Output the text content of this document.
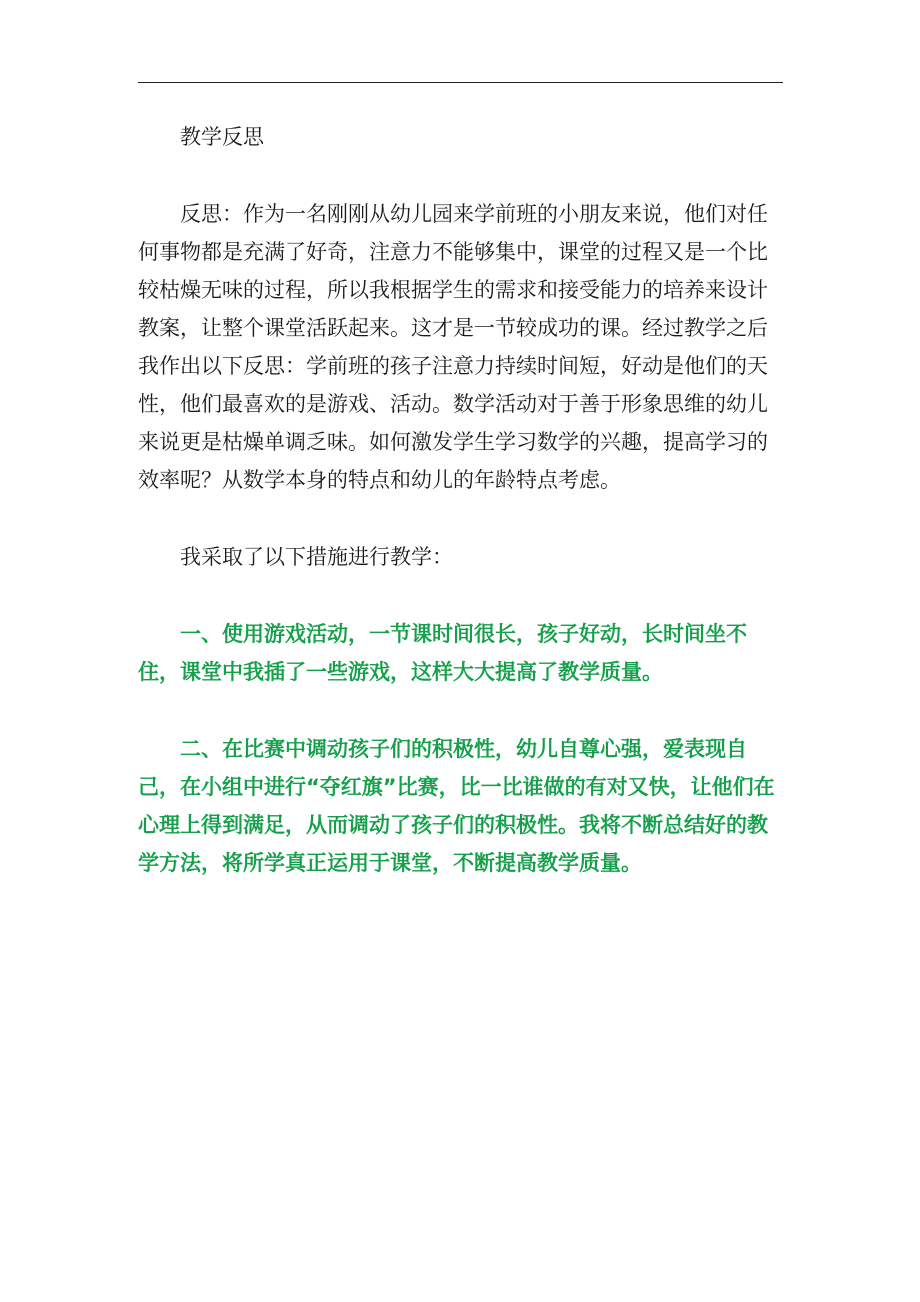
教学反思

反思：作为一名刚刚从幼儿园来学前班的小朋友来说，他们对任何事物都是充满了好奇，注意力不能够集中，课堂的过程又是一个比较枯燥无味的过程，所以我根据学生的需求和接受能力的培养来设计教案，让整个课堂活跃起来。这才是一节较成功的课。经过教学之后我作出以下反思：学前班的孩子注意力持续时间短，好动是他们的天性，他们最喜欢的是游戏、活动。数学活动对于善于形象思维的幼儿来说更是枯燥单调乏味。如何激发学生学习数学的兴趣，提高学习的效率呢？从数学本身的特点和幼儿的年龄特点考虑。

我采取了以下措施进行教学：

一、使用游戏活动，一节课时间很长，孩子好动，长时间坐不住，课堂中我插了一些游戏，这样大大提高了教学质量。

二、在比赛中调动孩子们的积极性，幼儿自尊心强，爱表现自己，在小组中进行“夺红旗”比赛，比一比谁做的有对又快，让他们在心理上得到满足，从而调动了孩子们的积极性。我将不断总结好的教学方法，将所学真正运用于课堂，不断提高教学质量。
